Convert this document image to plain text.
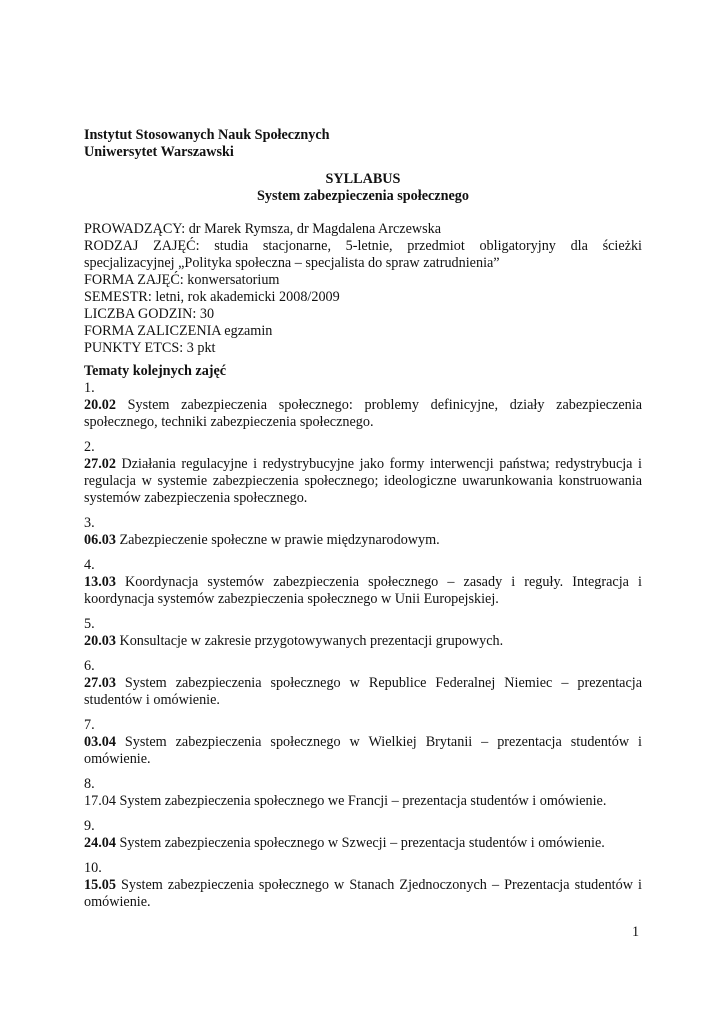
Instytut Stosowanych Nauk Społecznych
Uniwersytet Warszawski
SYLLABUS
System zabezpieczenia społecznego
PROWADZĄCY: dr Marek Rymsza, dr Magdalena Arczewska
RODZAJ ZAJĘĆ: studia stacjonarne, 5-letnie, przedmiot obligatoryjny dla ścieżki specjalizacyjnej „Polityka społeczna – specjalista do spraw zatrudnienia”
FORMA ZAJĘĆ: konwersatorium
SEMESTR: letni, rok akademicki 2008/2009
LICZBA GODZIN: 30
FORMA ZALICZENIA egzamin
PUNKTY ETCS: 3 pkt
Tematy kolejnych zajęć
1.
20.02 System zabezpieczenia społecznego: problemy definicyjne, działy zabezpieczenia społecznego, techniki zabezpieczenia społecznego.
2.
27.02 Działania regulacyjne i redystrybucyjne jako formy interwencji państwa; redystrybucja i regulacja w systemie zabezpieczenia społecznego; ideologiczne uwarunkowania konstruowania systemów zabezpieczenia społecznego.
3.
06.03 Zabezpieczenie społeczne w prawie międzynarodowym.
4.
13.03 Koordynacja systemów zabezpieczenia społecznego – zasady i reguły. Integracja i koordynacja systemów zabezpieczenia społecznego w Unii Europejskiej.
5.
20.03 Konsultacje w zakresie przygotowywanych prezentacji grupowych.
6.
27.03 System zabezpieczenia społecznego w Republice Federalnej Niemiec – prezentacja studentów i omówienie.
7.
03.04 System zabezpieczenia społecznego w Wielkiej Brytanii – prezentacja studentów i omówienie.
8.
17.04 System zabezpieczenia społecznego we Francji – prezentacja studentów i omówienie.
9.
24.04 System zabezpieczenia społecznego w Szwecji – prezentacja studentów i omówienie.
10.
15.05 System zabezpieczenia społecznego w Stanach Zjednoczonych – Prezentacja studentów i omówienie.
1
